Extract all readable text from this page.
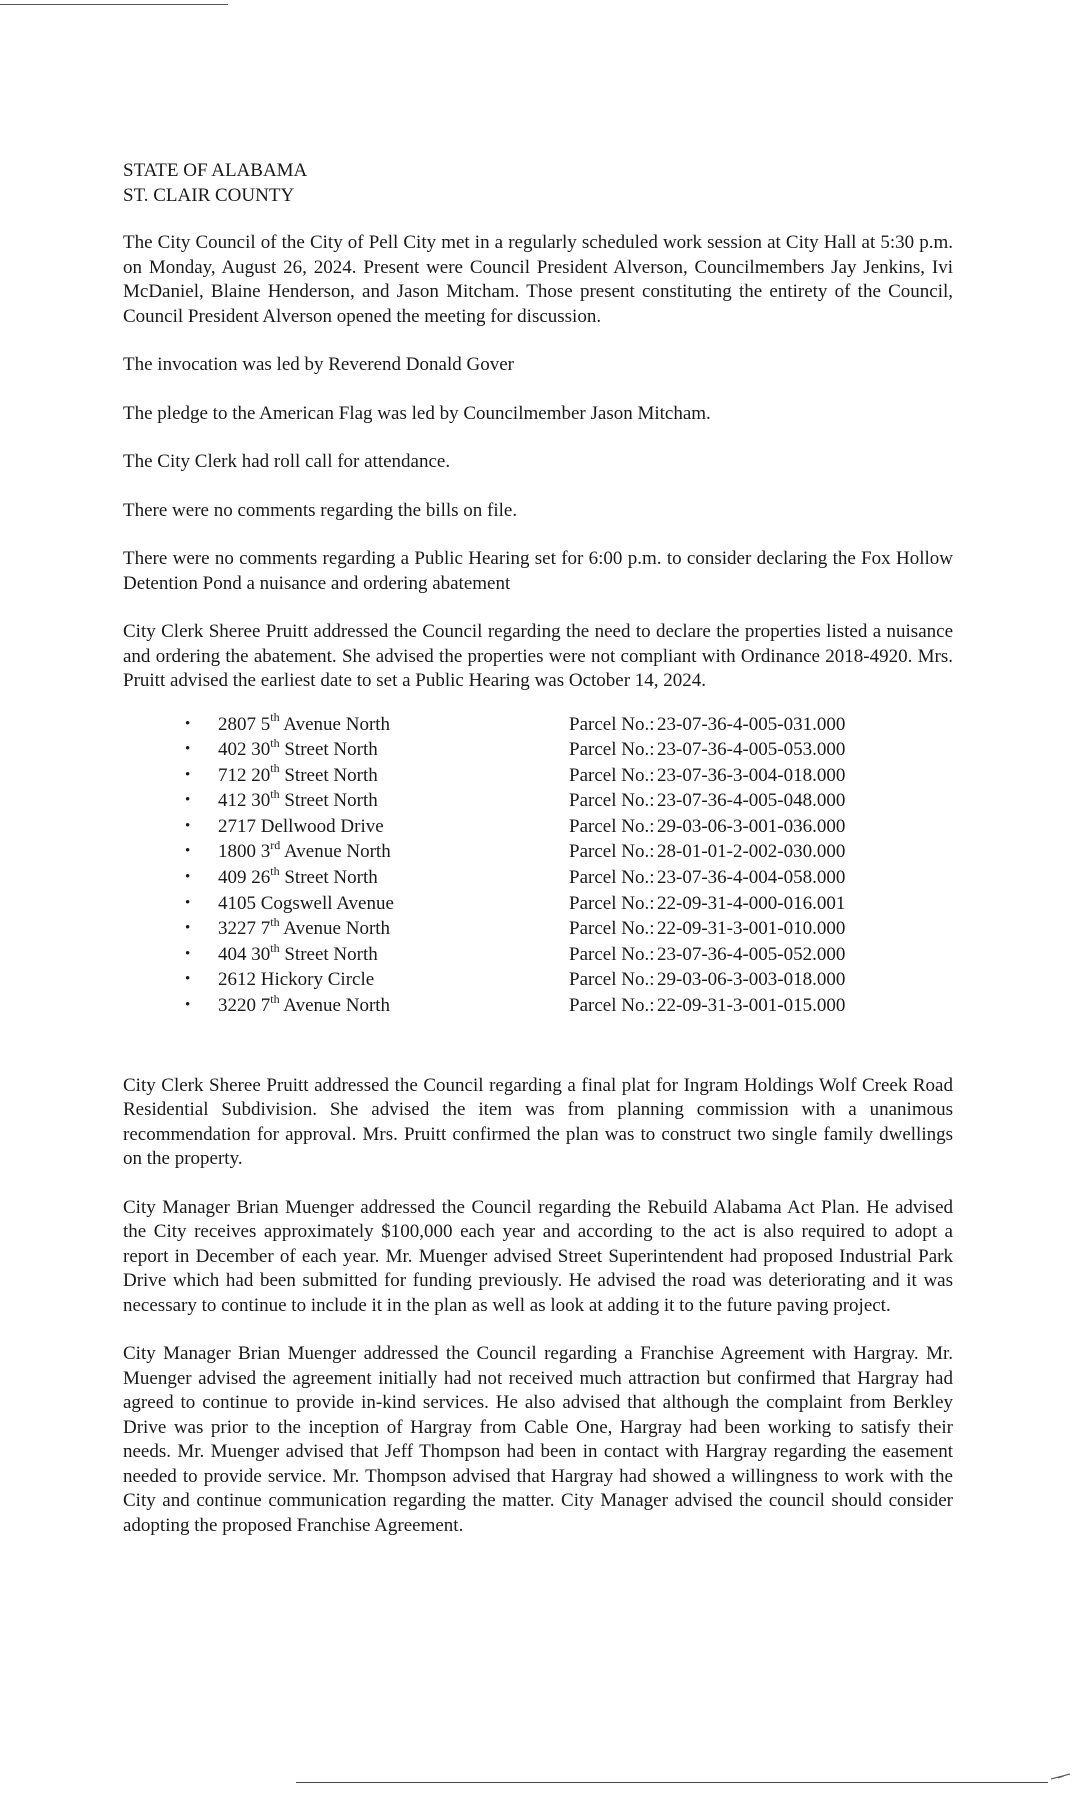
STATE OF ALABAMA
ST. CLAIR COUNTY

The City Council of the City of Pell City met in a regularly scheduled work session at City Hall at 5:30 p.m. on Monday, August 26, 2024. Present were Council President Alverson, Councilmembers Jay Jenkins, Ivi McDaniel, Blaine Henderson, and Jason Mitcham. Those present constituting the entirety of the Council, Council President Alverson opened the meeting for discussion.

The invocation was led by Reverend Donald Gover

The pledge to the American Flag was led by Councilmember Jason Mitcham.

The City Clerk had roll call for attendance.

There were no comments regarding the bills on file.

There were no comments regarding a Public Hearing set for 6:00 p.m. to consider declaring the Fox Hollow Detention Pond a nuisance and ordering abatement

City Clerk Sheree Pruitt addressed the Council regarding the need to declare the properties listed a nuisance and ordering the abatement. She advised the properties were not compliant with Ordinance 2018-4920. Mrs. Pruitt advised the earliest date to set a Public Hearing was October 14, 2024.

• 2807 5th Avenue North	Parcel No.: 23-07-36-4-005-031.000
• 402 30th Street North	Parcel No.: 23-07-36-4-005-053.000
• 712 20th Street North	Parcel No.: 23-07-36-3-004-018.000
• 412 30th Street North	Parcel No.: 23-07-36-4-005-048.000
• 2717 Dellwood Drive	Parcel No.: 29-03-06-3-001-036.000
• 1800 3rd Avenue North	Parcel No.: 28-01-01-2-002-030.000
• 409 26th Street North	Parcel No.: 23-07-36-4-004-058.000
• 4105 Cogswell Avenue	Parcel No.: 22-09-31-4-000-016.001
• 3227 7th Avenue North	Parcel No.: 22-09-31-3-001-010.000
• 404 30th Street North	Parcel No.: 23-07-36-4-005-052.000
• 2612 Hickory Circle	Parcel No.: 29-03-06-3-003-018.000
• 3220 7th Avenue North	Parcel No.: 22-09-31-3-001-015.000

City Clerk Sheree Pruitt addressed the Council regarding a final plat for Ingram Holdings Wolf Creek Road Residential Subdivision. She advised the item was from planning commission with a unanimous recommendation for approval. Mrs. Pruitt confirmed the plan was to construct two single family dwellings on the property.

City Manager Brian Muenger addressed the Council regarding the Rebuild Alabama Act Plan. He advised the City receives approximately $100,000 each year and according to the act is also required to adopt a report in December of each year. Mr. Muenger advised Street Superintendent had proposed Industrial Park Drive which had been submitted for funding previously. He advised the road was deteriorating and it was necessary to continue to include it in the plan as well as look at adding it to the future paving project.

City Manager Brian Muenger addressed the Council regarding a Franchise Agreement with Hargray. Mr. Muenger advised the agreement initially had not received much attraction but confirmed that Hargray had agreed to continue to provide in-kind services. He also advised that although the complaint from Berkley Drive was prior to the inception of Hargray from Cable One, Hargray had been working to satisfy their needs. Mr. Muenger advised that Jeff Thompson had been in contact with Hargray regarding the easement needed to provide service. Mr. Thompson advised that Hargray had showed a willingness to work with the City and continue communication regarding the matter. City Manager advised the council should consider adopting the proposed Franchise Agreement.
